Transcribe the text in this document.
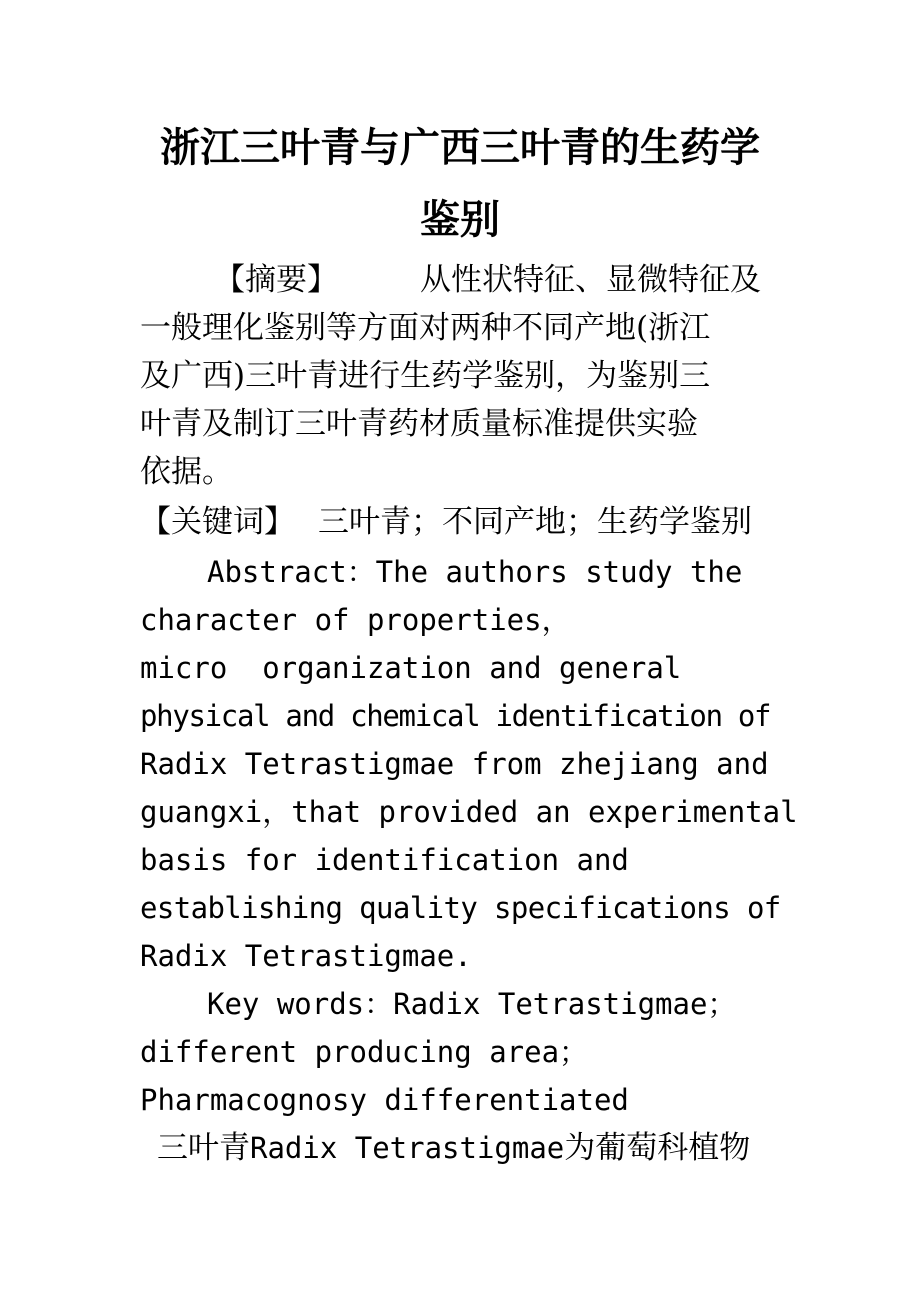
浙江三叶青与广西三叶青的生药学
鉴别
【摘要】	从性状特征、显微特征及
一般理化鉴别等方面对两种不同产地(浙江
及广西)三叶青进行生药学鉴别，为鉴别三
叶青及制订三叶青药材质量标准提供实验
依据。
【关键词】 三叶青；不同产地；生药学鉴别
Abstract：The authors study the
character of properties，
micro  organization and general
physical and chemical identification of
Radix Tetrastigmae from zhejiang and
guangxi，that provided an experimental
basis for identification and
establishing quality specifications of
Radix Tetrastigmae.
Key words：Radix Tetrastigmae；
different producing area；
Pharmacognosy differentiated
三叶青Radix Tetrastigmae为葡萄科植物
